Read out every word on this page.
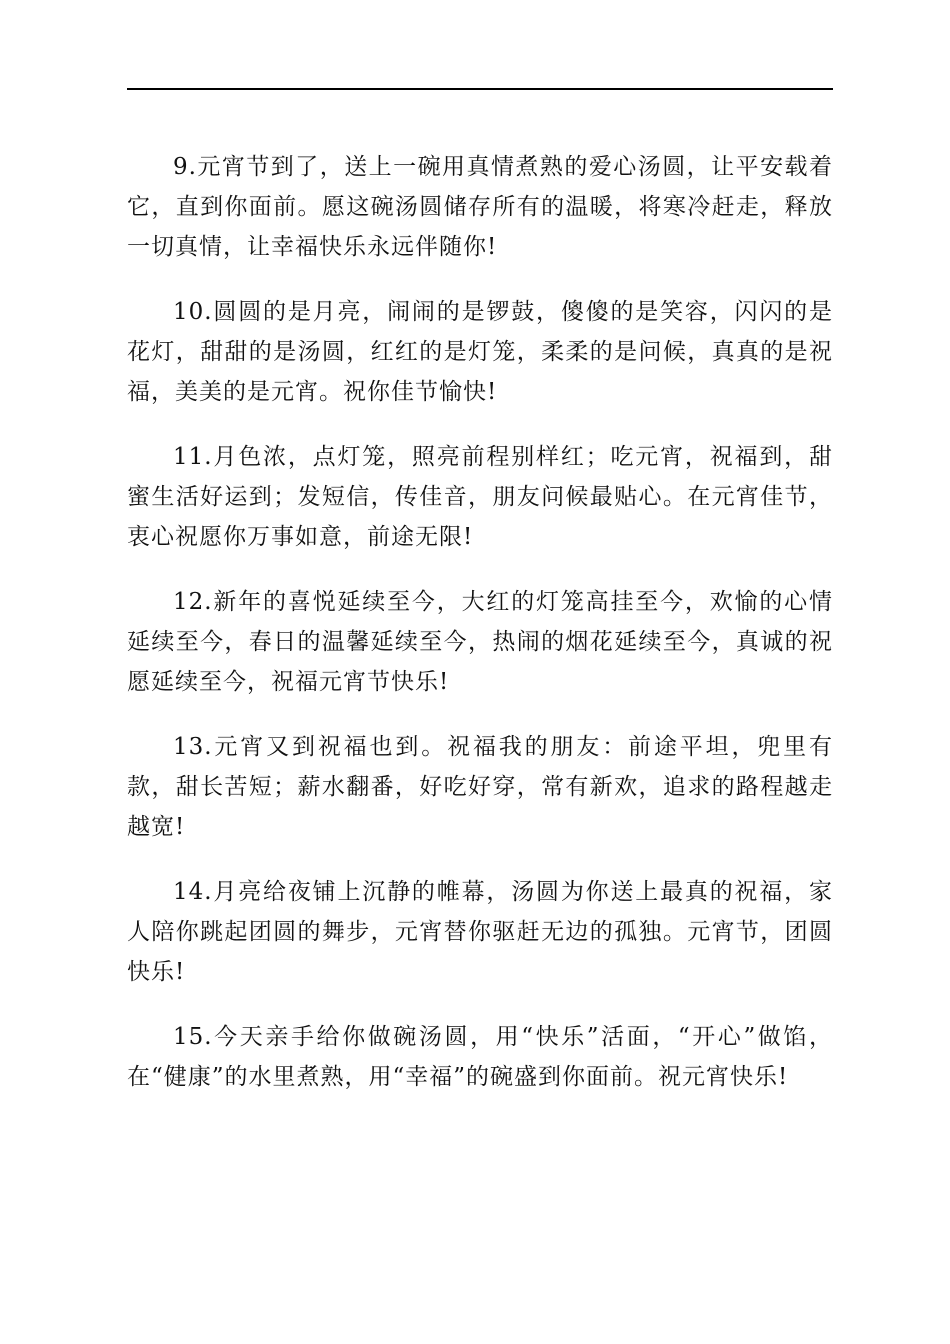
9.元宵节到了，送上一碗用真情煮熟的爱心汤圆，让平安载着它，直到你面前。愿这碗汤圆储存所有的温暖，将寒冷赶走，释放一切真情，让幸福快乐永远伴随你!

10.圆圆的是月亮，闹闹的是锣鼓，傻傻的是笑容，闪闪的是花灯，甜甜的是汤圆，红红的是灯笼，柔柔的是问候，真真的是祝福，美美的是元宵。祝你佳节愉快!

11.月色浓，点灯笼，照亮前程别样红；吃元宵，祝福到，甜蜜生活好运到；发短信，传佳音，朋友问候最贴心。在元宵佳节，衷心祝愿你万事如意，前途无限!

12.新年的喜悦延续至今，大红的灯笼高挂至今，欢愉的心情延续至今，春日的温馨延续至今，热闹的烟花延续至今，真诚的祝愿延续至今，祝福元宵节快乐!

13.元宵又到祝福也到。祝福我的朋友：前途平坦，兜里有款，甜长苦短；薪水翻番，好吃好穿，常有新欢，追求的路程越走越宽!

14.月亮给夜铺上沉静的帷幕，汤圆为你送上最真的祝福，家人陪你跳起团圆的舞步，元宵替你驱赶无边的孤独。元宵节，团圆快乐!

15.今天亲手给你做碗汤圆，用“快乐”活面，“开心”做馅，在“健康”的水里煮熟，用“幸福”的碗盛到你面前。祝元宵快乐!
